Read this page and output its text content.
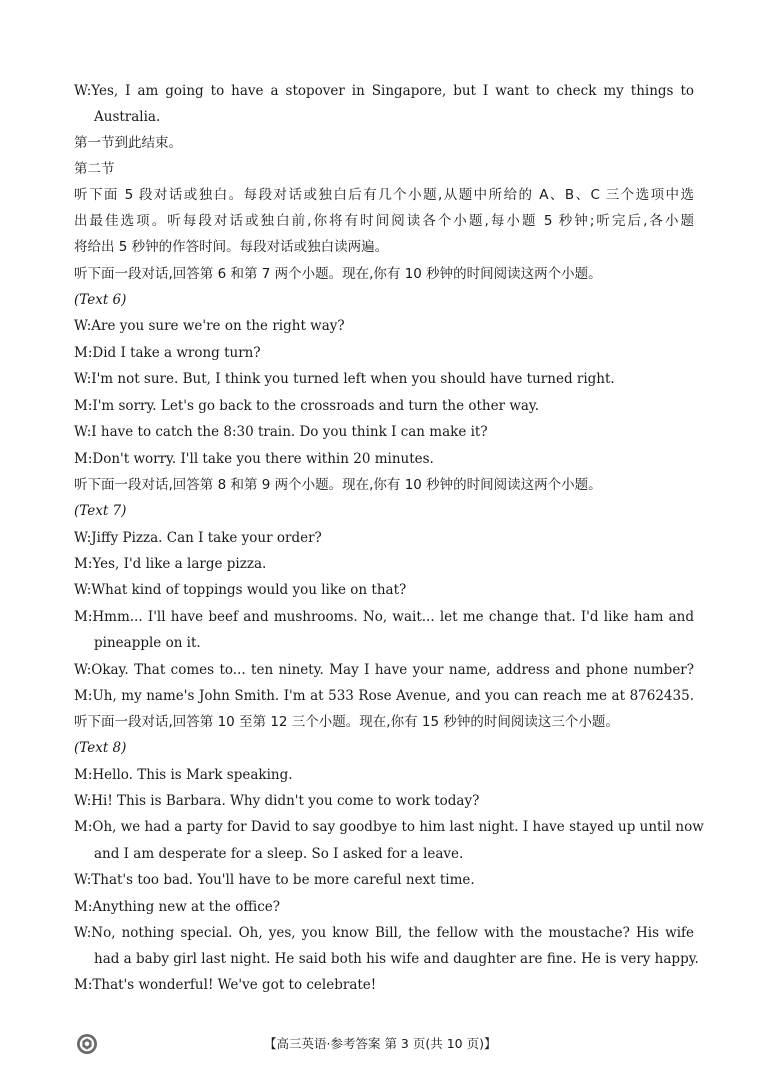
W:Yes, I am going to have a stopover in Singapore, but I want to check my things to
Australia.
第一节到此结束。
第二节
听下面 5 段对话或独白。每段对话或独白后有几个小题,从题中所给的 A、B、C 三个选项中选
出最佳选项。听每段对话或独白前,你将有时间阅读各个小题,每小题 5 秒钟;听完后,各小题
将给出 5 秒钟的作答时间。每段对话或独白读两遍。
听下面一段对话,回答第 6 和第 7 两个小题。现在,你有 10 秒钟的时间阅读这两个小题。
(Text 6)
W:Are you sure we're on the right way?
M:Did I take a wrong turn?
W:I'm not sure. But, I think you turned left when you should have turned right.
M:I'm sorry. Let's go back to the crossroads and turn the other way.
W:I have to catch the 8:30 train. Do you think I can make it?
M:Don't worry. I'll take you there within 20 minutes.
听下面一段对话,回答第 8 和第 9 两个小题。现在,你有 10 秒钟的时间阅读这两个小题。
(Text 7)
W:Jiffy Pizza. Can I take your order?
M:Yes, I'd like a large pizza.
W:What kind of toppings would you like on that?
M:Hmm... I'll have beef and mushrooms. No, wait... let me change that. I'd like ham and
pineapple on it.
W:Okay. That comes to... ten ninety. May I have your name, address and phone number?
M:Uh, my name's John Smith. I'm at 533 Rose Avenue, and you can reach me at 8762435.
听下面一段对话,回答第 10 至第 12 三个小题。现在,你有 15 秒钟的时间阅读这三个小题。
(Text 8)
M:Hello. This is Mark speaking.
W:Hi! This is Barbara. Why didn't you come to work today?
M:Oh, we had a party for David to say goodbye to him last night. I have stayed up until now
and I am desperate for a sleep. So I asked for a leave.
W:That's too bad. You'll have to be more careful next time.
M:Anything new at the office?
W:No, nothing special. Oh, yes, you know Bill, the fellow with the moustache? His wife
had a baby girl last night. He said both his wife and daughter are fine. He is very happy.
M:That's wonderful! We've got to celebrate!
【高三英语·参考答案 第 3 页(共 10 页)】
